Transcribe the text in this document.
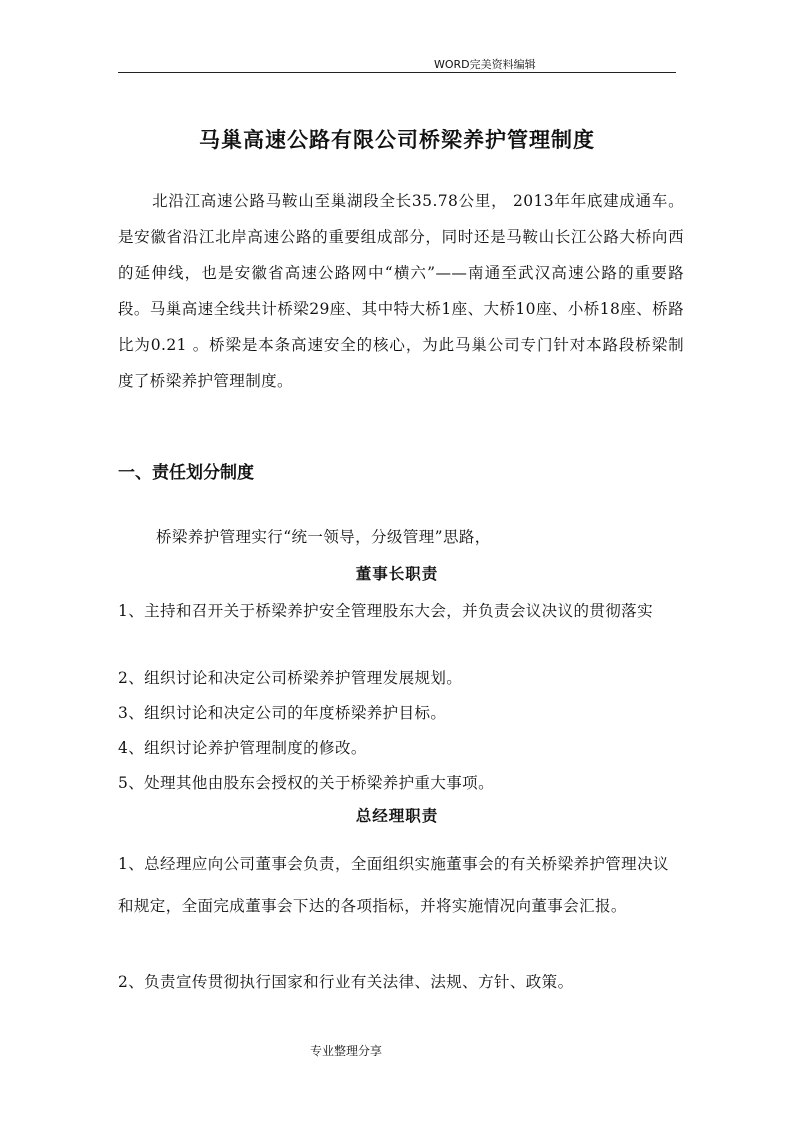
WORD完美资料编辑
马巢高速公路有限公司桥梁养护管理制度

北沿江高速公路马鞍山至巢湖段全长35.78公里， 2013年年底建成通车。是安徽省沿江北岸高速公路的重要组成部分，同时还是马鞍山长江公路大桥向西的延伸线，也是安徽省高速公路网中“横六”——南通至武汉高速公路的重要路段。马巢高速全线共计桥梁29座、其中特大桥1座、大桥10座、小桥18座、桥路比为0.21 。桥梁是本条高速安全的核心，为此马巢公司专门针对本路段桥梁制度了桥梁养护管理制度。

一、责任划分制度

桥梁养护管理实行“统一领导，分级管理”思路，

董事长职责

1、主持和召开关于桥梁养护安全管理股东大会，并负责会议决议的贯彻落实

2、组织讨论和决定公司桥梁养护管理发展规划。

3、组织讨论和决定公司的年度桥梁养护目标。

4、组织讨论养护管理制度的修改。

5、处理其他由股东会授权的关于桥梁养护重大事项。

总经理职责

1、总经理应向公司董事会负责，全面组织实施董事会的有关桥梁养护管理决议和规定，全面完成董事会下达的各项指标，并将实施情况向董事会汇报。

2、负责宣传贯彻执行国家和行业有关法律、法规、方针、政策。

专业整理分享
